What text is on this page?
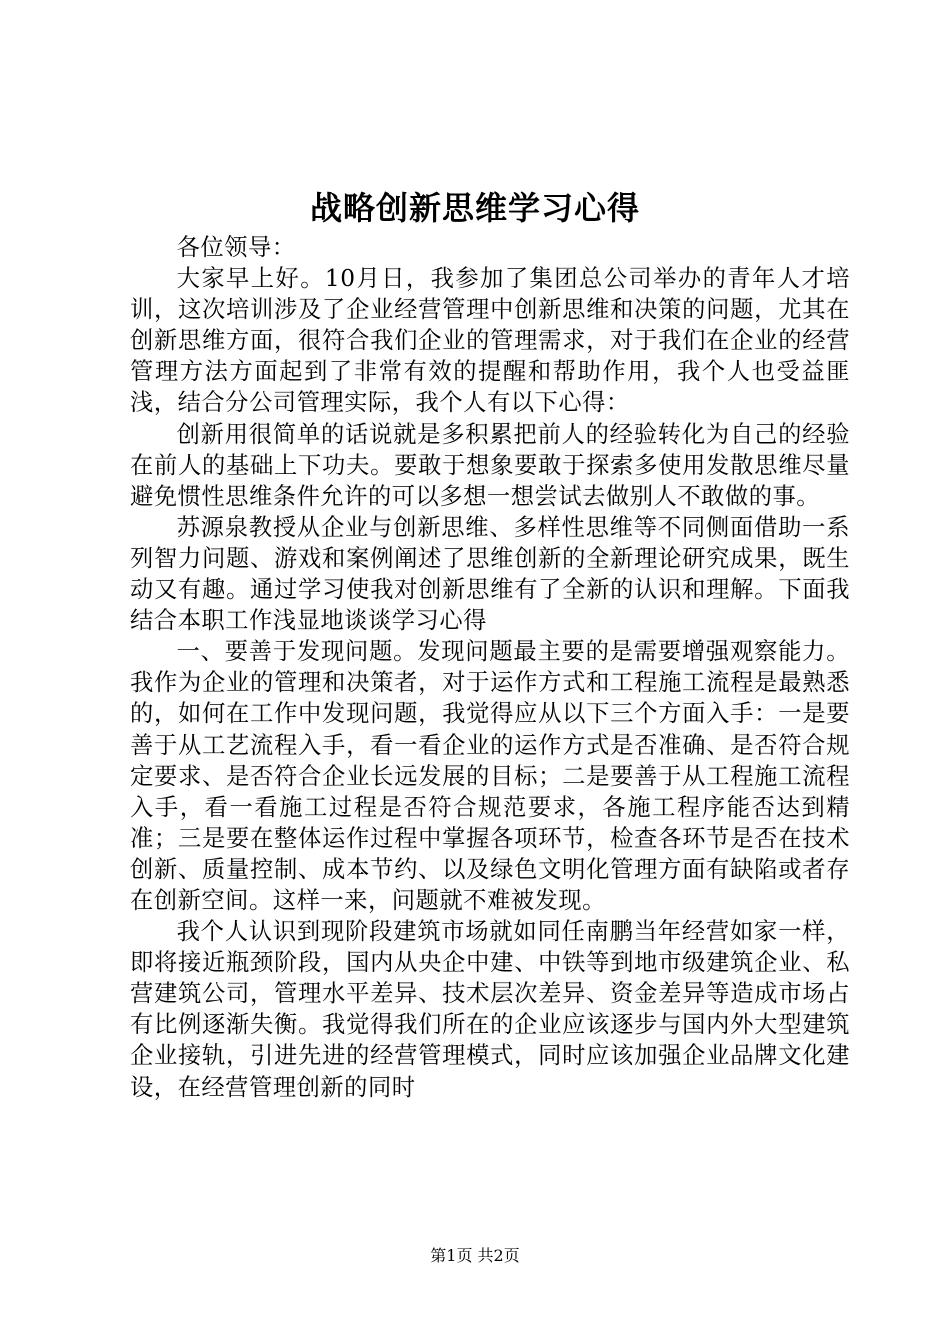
战略创新思维学习心得

各位领导：

大家早上好。10月日，我参加了集团总公司举办的青年人才培训，这次培训涉及了企业经营管理中创新思维和决策的问题，尤其在创新思维方面，很符合我们企业的管理需求，对于我们在企业的经营管理方法方面起到了非常有效的提醒和帮助作用，我个人也受益匪浅，结合分公司管理实际，我个人有以下心得：

创新用很简单的话说就是多积累把前人的经验转化为自己的经验在前人的基础上下功夫。要敢于想象要敢于探索多使用发散思维尽量避免惯性思维条件允许的可以多想一想尝试去做别人不敢做的事。

苏源泉教授从企业与创新思维、多样性思维等不同侧面借助一系列智力问题、游戏和案例阐述了思维创新的全新理论研究成果，既生动又有趣。通过学习使我对创新思维有了全新的认识和理解。下面我结合本职工作浅显地谈谈学习心得

一、要善于发现问题。发现问题最主要的是需要增强观察能力。我作为企业的管理和决策者，对于运作方式和工程施工流程是最熟悉的，如何在工作中发现问题，我觉得应从以下三个方面入手：一是要善于从工艺流程入手，看一看企业的运作方式是否准确、是否符合规定要求、是否符合企业长远发展的目标；二是要善于从工程施工流程入手，看一看施工过程是否符合规范要求，各施工程序能否达到精准；三是要在整体运作过程中掌握各项环节，检查各环节是否在技术创新、质量控制、成本节约、以及绿色文明化管理方面有缺陷或者存在创新空间。这样一来，问题就不难被发现。

我个人认识到现阶段建筑市场就如同任南鹏当年经营如家一样，即将接近瓶颈阶段，国内从央企中建、中铁等到地市级建筑企业、私营建筑公司，管理水平差异、技术层次差异、资金差异等造成市场占有比例逐渐失衡。我觉得我们所在的企业应该逐步与国内外大型建筑企业接轨，引进先进的经营管理模式，同时应该加强企业品牌文化建设，在经营管理创新的同时

第1页 共2页
